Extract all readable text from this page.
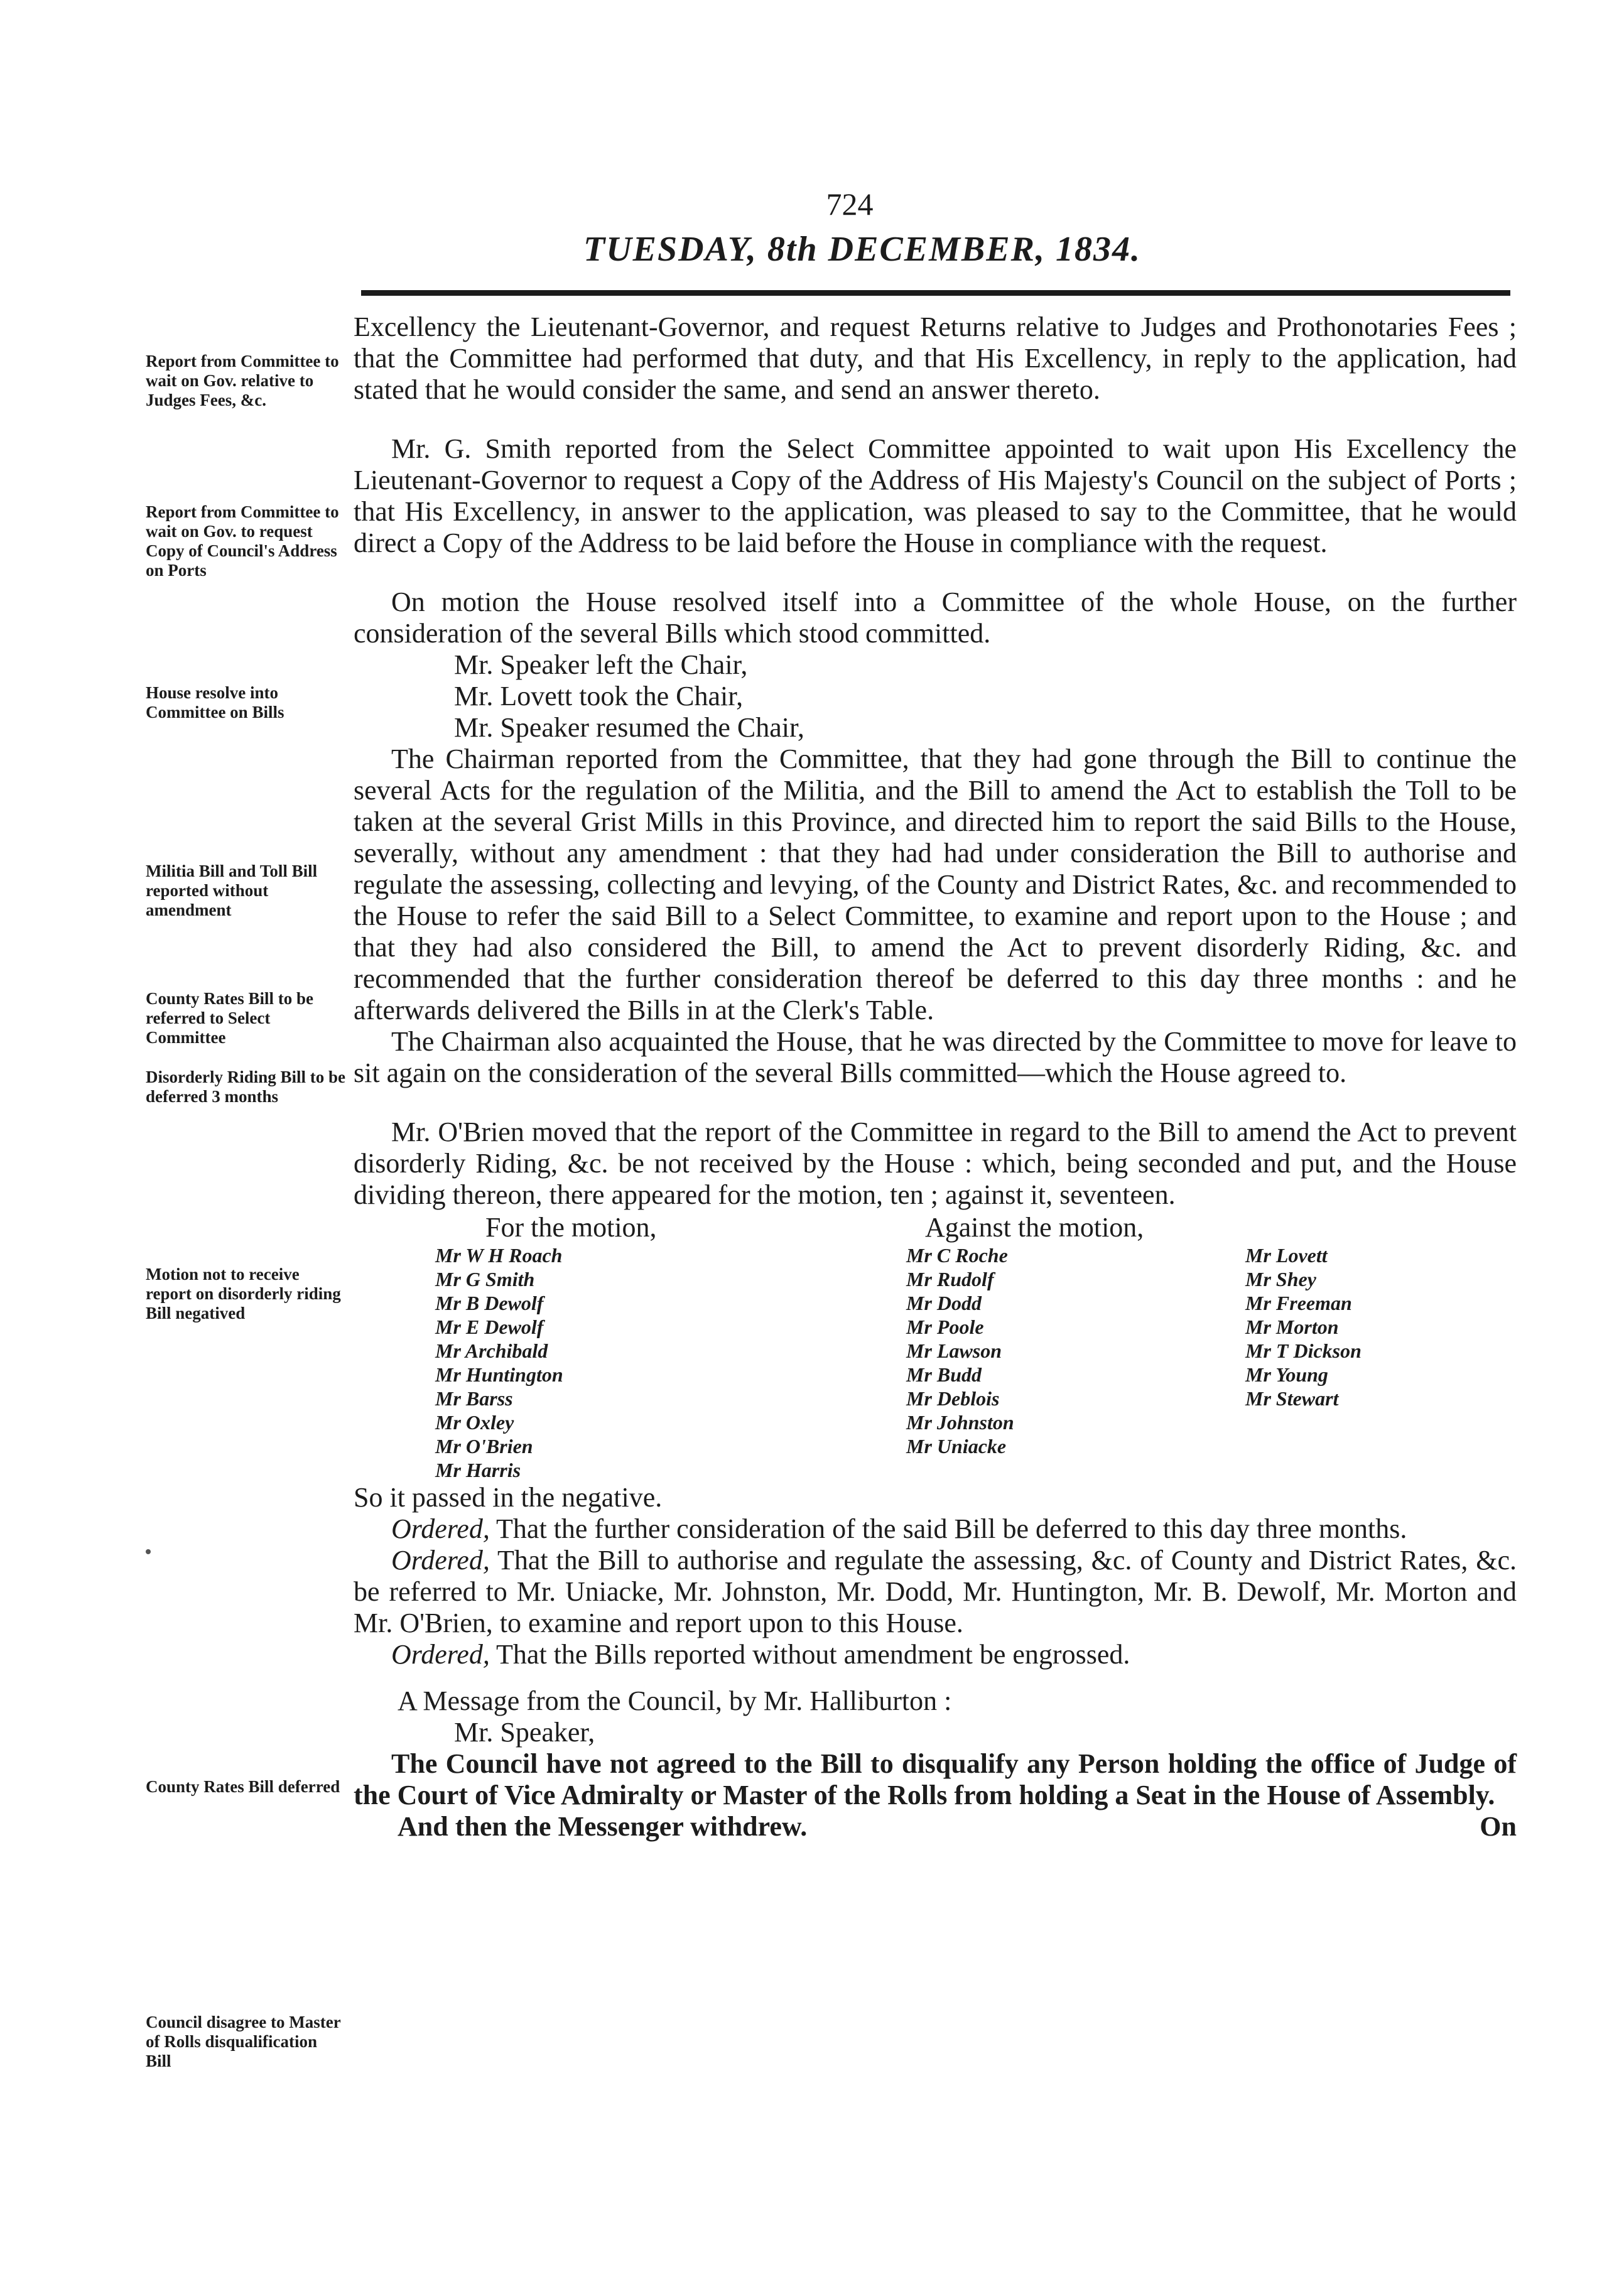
724
TUESDAY, 8th DECEMBER, 1834.
Report from Committee to wait on Gov. relative to Judges Fees, &c.
Report from Committee to wait on Gov. to request Copy of Council's Address on Ports
House resolve into Committee on Bills
Militia Bill and Toll Bill reported without amendment
County Rates Bill to be referred to Select Committee
Disorderly Riding Bill to be deferred 3 months
Motion not to receive report on disorderly riding Bill negatived
County Rates Bill deferred
Council disagree to Master of Rolls disqualification Bill

Excellency the Lieutenant-Governor, and request Returns relative to Judges and Prothonotaries Fees ; that the Committee had performed that duty, and that His Excellency, in reply to the application, had stated that he would consider the same, and send an answer thereto.

Mr. G. Smith reported from the Select Committee appointed to wait upon His Excellency the Lieutenant-Governor to request a Copy of the Address of His Majesty's Council on the subject of Ports ; that His Excellency, in answer to the application, was pleased to say to the Committee, that he would direct a Copy of the Address to be laid before the House in compliance with the request.

On motion the House resolved itself into a Committee of the whole House, on the further consideration of the several Bills which stood committed.

Mr. Speaker left the Chair,

Mr. Lovett took the Chair,

Mr. Speaker resumed the Chair,

The Chairman reported from the Committee, that they had gone through the Bill to continue the several Acts for the regulation of the Militia, and the Bill to amend the Act to establish the Toll to be taken at the several Grist Mills in this Province, and directed him to report the said Bills to the House, severally, without any amendment : that they had had under consideration the Bill to authorise and regulate the assessing, collecting and levying, of the County and District Rates, &c. and recommended to the House to refer the said Bill to a Select Committee, to examine and report upon to the House ; and that they had also considered the Bill, to amend the Act to prevent disorderly Riding, &c. and recommended that the further consideration thereof be deferred to this day three months : and he afterwards delivered the Bills in at the Clerk's Table.

The Chairman also acquainted the House, that he was directed by the Committee to move for leave to sit again on the consideration of the several Bills committed—which the House agreed to.

Mr. O'Brien moved that the report of the Committee in regard to the Bill to amend the Act to prevent disorderly Riding, &c. be not received by the House : which, being seconded and put, and the House dividing thereon, there appeared for the motion, ten ; against it, seventeen.

For the motion,	Against the motion,
Mr W H Roach
Mr G Smith
Mr B Dewolf
Mr E Dewolf
Mr Archibald
Mr Huntington
Mr Barss
Mr Oxley
Mr O'Brien
Mr Harris
Mr C Roche
Mr Rudolf
Mr Dodd
Mr Poole
Mr Lawson
Mr Budd
Mr Deblois
Mr Johnston
Mr Uniacke
Mr Lovett
Mr Shey
Mr Freeman
Mr Morton
Mr T Dickson
Mr Young
Mr Stewart

So it passed in the negative.

Ordered, That the further consideration of the said Bill be deferred to this day three months.

Ordered, That the Bill to authorise and regulate the assessing, &c. of County and District Rates, &c. be referred to Mr. Uniacke, Mr. Johnston, Mr. Dodd, Mr. Huntington, Mr. B. Dewolf, Mr. Morton and Mr. O'Brien, to examine and report upon to this House.

Ordered, That the Bills reported without amendment be engrossed.

A Message from the Council, by Mr. Halliburton :

Mr. Speaker,

The Council have not agreed to the Bill to disqualify any Person holding the office of Judge of the Court of Vice Admiralty or Master of the Rolls from holding a Seat in the House of Assembly.

And then the Messenger withdrew.	On
